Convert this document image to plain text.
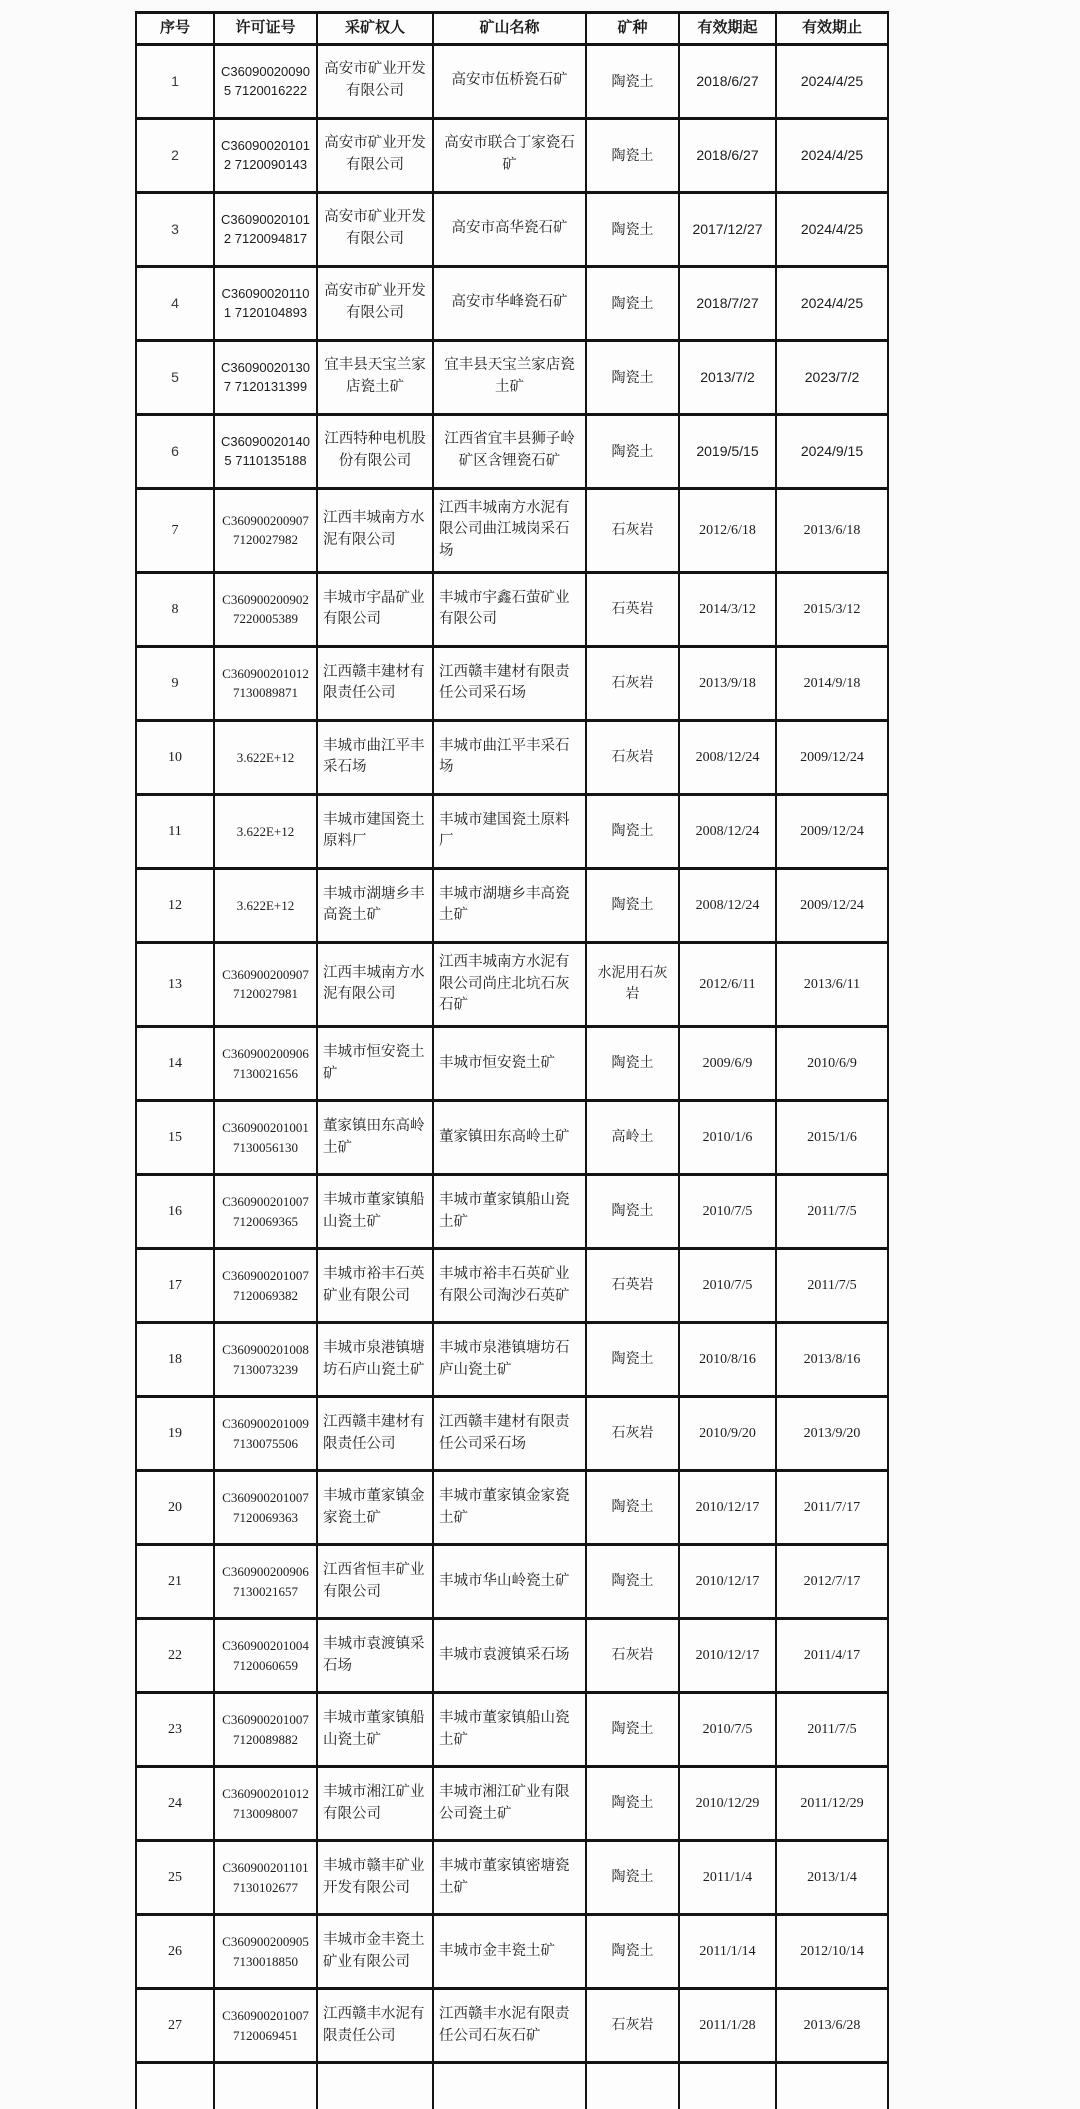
序号	许可证号	采矿权人	矿山名称	矿种	有效期起	有效期止
1	C360900200905 7120016222	高安市矿业开发有限公司	高安市伍桥瓷石矿	陶瓷土	2018/6/27	2024/4/25
2	C360900201012 7120090143	高安市矿业开发有限公司	高安市联合丁家瓷石矿	陶瓷土	2018/6/27	2024/4/25
3	C360900201012 7120094817	高安市矿业开发有限公司	高安市高华瓷石矿	陶瓷土	2017/12/27	2024/4/25
4	C360900201101 7120104893	高安市矿业开发有限公司	高安市华峰瓷石矿	陶瓷土	2018/7/27	2024/4/25
5	C360900201307 7120131399	宜丰县天宝兰家店瓷土矿	宜丰县天宝兰家店瓷土矿	陶瓷土	2013/7/2	2023/7/2
6	C360900201405 7110135188	江西特种电机股份有限公司	江西省宜丰县狮子岭矿区含锂瓷石矿	陶瓷土	2019/5/15	2024/9/15
7	C360900200907 7120027982	江西丰城南方水泥有限公司	江西丰城南方水泥有限公司曲江城岗采石场	石灰岩	2012/6/18	2013/6/18
8	C360900200902 7220005389	丰城市宇晶矿业有限公司	丰城市宇鑫石萤矿业有限公司	石英岩	2014/3/12	2015/3/12
9	C360900201012 7130089871	江西赣丰建材有限责任公司	江西赣丰建材有限责任公司采石场	石灰岩	2013/9/18	2014/9/18
10	3.622E+12	丰城市曲江平丰采石场	丰城市曲江平丰采石场	石灰岩	2008/12/24	2009/12/24
11	3.622E+12	丰城市建国瓷土原料厂	丰城市建国瓷土原料厂	陶瓷土	2008/12/24	2009/12/24
12	3.622E+12	丰城市湖塘乡丰高瓷土矿	丰城市湖塘乡丰高瓷土矿	陶瓷土	2008/12/24	2009/12/24
13	C360900200907 7120027981	江西丰城南方水泥有限公司	江西丰城南方水泥有限公司尚庄北坑石灰石矿	水泥用石灰岩	2012/6/11	2013/6/11
14	C360900200906 7130021656	丰城市恒安瓷土矿	丰城市恒安瓷土矿	陶瓷土	2009/6/9	2010/6/9
15	C360900201001 7130056130	董家镇田东高岭土矿	董家镇田东高岭土矿	高岭土	2010/1/6	2015/1/6
16	C360900201007 7120069365	丰城市董家镇船山瓷土矿	丰城市董家镇船山瓷土矿	陶瓷土	2010/7/5	2011/7/5
17	C360900201007 7120069382	丰城市裕丰石英矿业有限公司	丰城市裕丰石英矿业有限公司淘沙石英矿	石英岩	2010/7/5	2011/7/5
18	C360900201008 7130073239	丰城市泉港镇塘坊石庐山瓷土矿	丰城市泉港镇塘坊石庐山瓷土矿	陶瓷土	2010/8/16	2013/8/16
19	C360900201009 7130075506	江西赣丰建材有限责任公司	江西赣丰建材有限责任公司采石场	石灰岩	2010/9/20	2013/9/20
20	C360900201007 7120069363	丰城市董家镇金家瓷土矿	丰城市董家镇金家瓷土矿	陶瓷土	2010/12/17	2011/7/17
21	C360900200906 7130021657	江西省恒丰矿业有限公司	丰城市华山岭瓷土矿	陶瓷土	2010/12/17	2012/7/17
22	C360900201004 7120060659	丰城市袁渡镇采石场	丰城市袁渡镇采石场	石灰岩	2010/12/17	2011/4/17
23	C360900201007 7120089882	丰城市董家镇船山瓷土矿	丰城市董家镇船山瓷土矿	陶瓷土	2010/7/5	2011/7/5
24	C360900201012 7130098007	丰城市湘江矿业有限公司	丰城市湘江矿业有限公司瓷土矿	陶瓷土	2010/12/29	2011/12/29
25	C360900201101 7130102677	丰城市赣丰矿业开发有限公司	丰城市董家镇密塘瓷土矿	陶瓷土	2011/1/4	2013/1/4
26	C360900200905 7130018850	丰城市金丰瓷土矿业有限公司	丰城市金丰瓷土矿	陶瓷土	2011/1/14	2012/10/14
27	C360900201007 7120069451	江西赣丰水泥有限责任公司	江西赣丰水泥有限责任公司石灰石矿	石灰岩	2011/1/28	2013/6/28
